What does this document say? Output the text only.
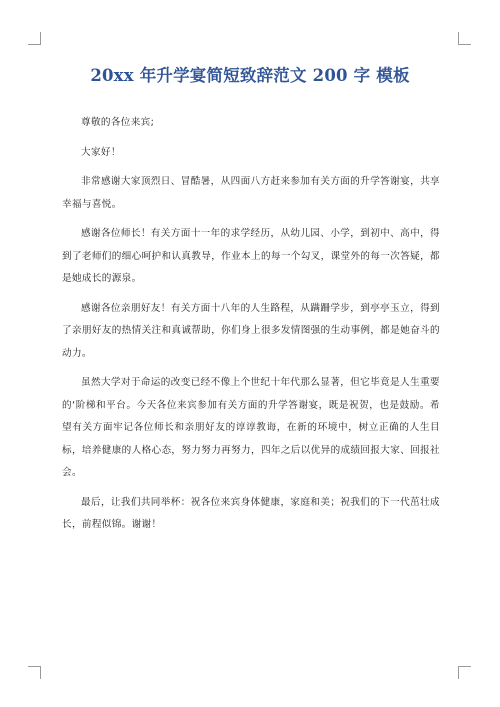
20xx 年升学宴简短致辞范文 200 字 模板

尊敬的各位来宾;

大家好！

非常感谢大家顶烈日、冒酷暑，从四面八方赶来参加有关方面的升学答谢宴，共享幸福与喜悦。

感谢各位师长！有关方面十一年的求学经历，从幼儿园、小学，到初中、高中，得到了老师们的细心呵护和认真教导，作业本上的每一个勾叉，课堂外的每一次答疑，都是她成长的源泉。

感谢各位亲朋好友！有关方面十八年的人生路程，从蹒跚学步，到亭亭玉立，得到了亲朋好友的热情关注和真诚帮助，你们身上很多发情图强的生动事例，都是她奋斗的动力。

虽然大学对于命运的改变已经不像上个世纪十年代那么显著，但它毕竟是人生重要的‘阶梯和平台。今天各位来宾参加有关方面的升学答谢宴，既是祝贺，也是鼓励。希望有关方面牢记各位师长和亲朋好友的谆谆教诲，在新的环境中，树立正确的人生目标，培养健康的人格心态，努力努力再努力，四年之后以优异的成绩回报大家、回报社会。

最后，让我们共同举杯：祝各位来宾身体健康，家庭和美；祝我们的下一代茁壮成长，前程似锦。谢谢！
